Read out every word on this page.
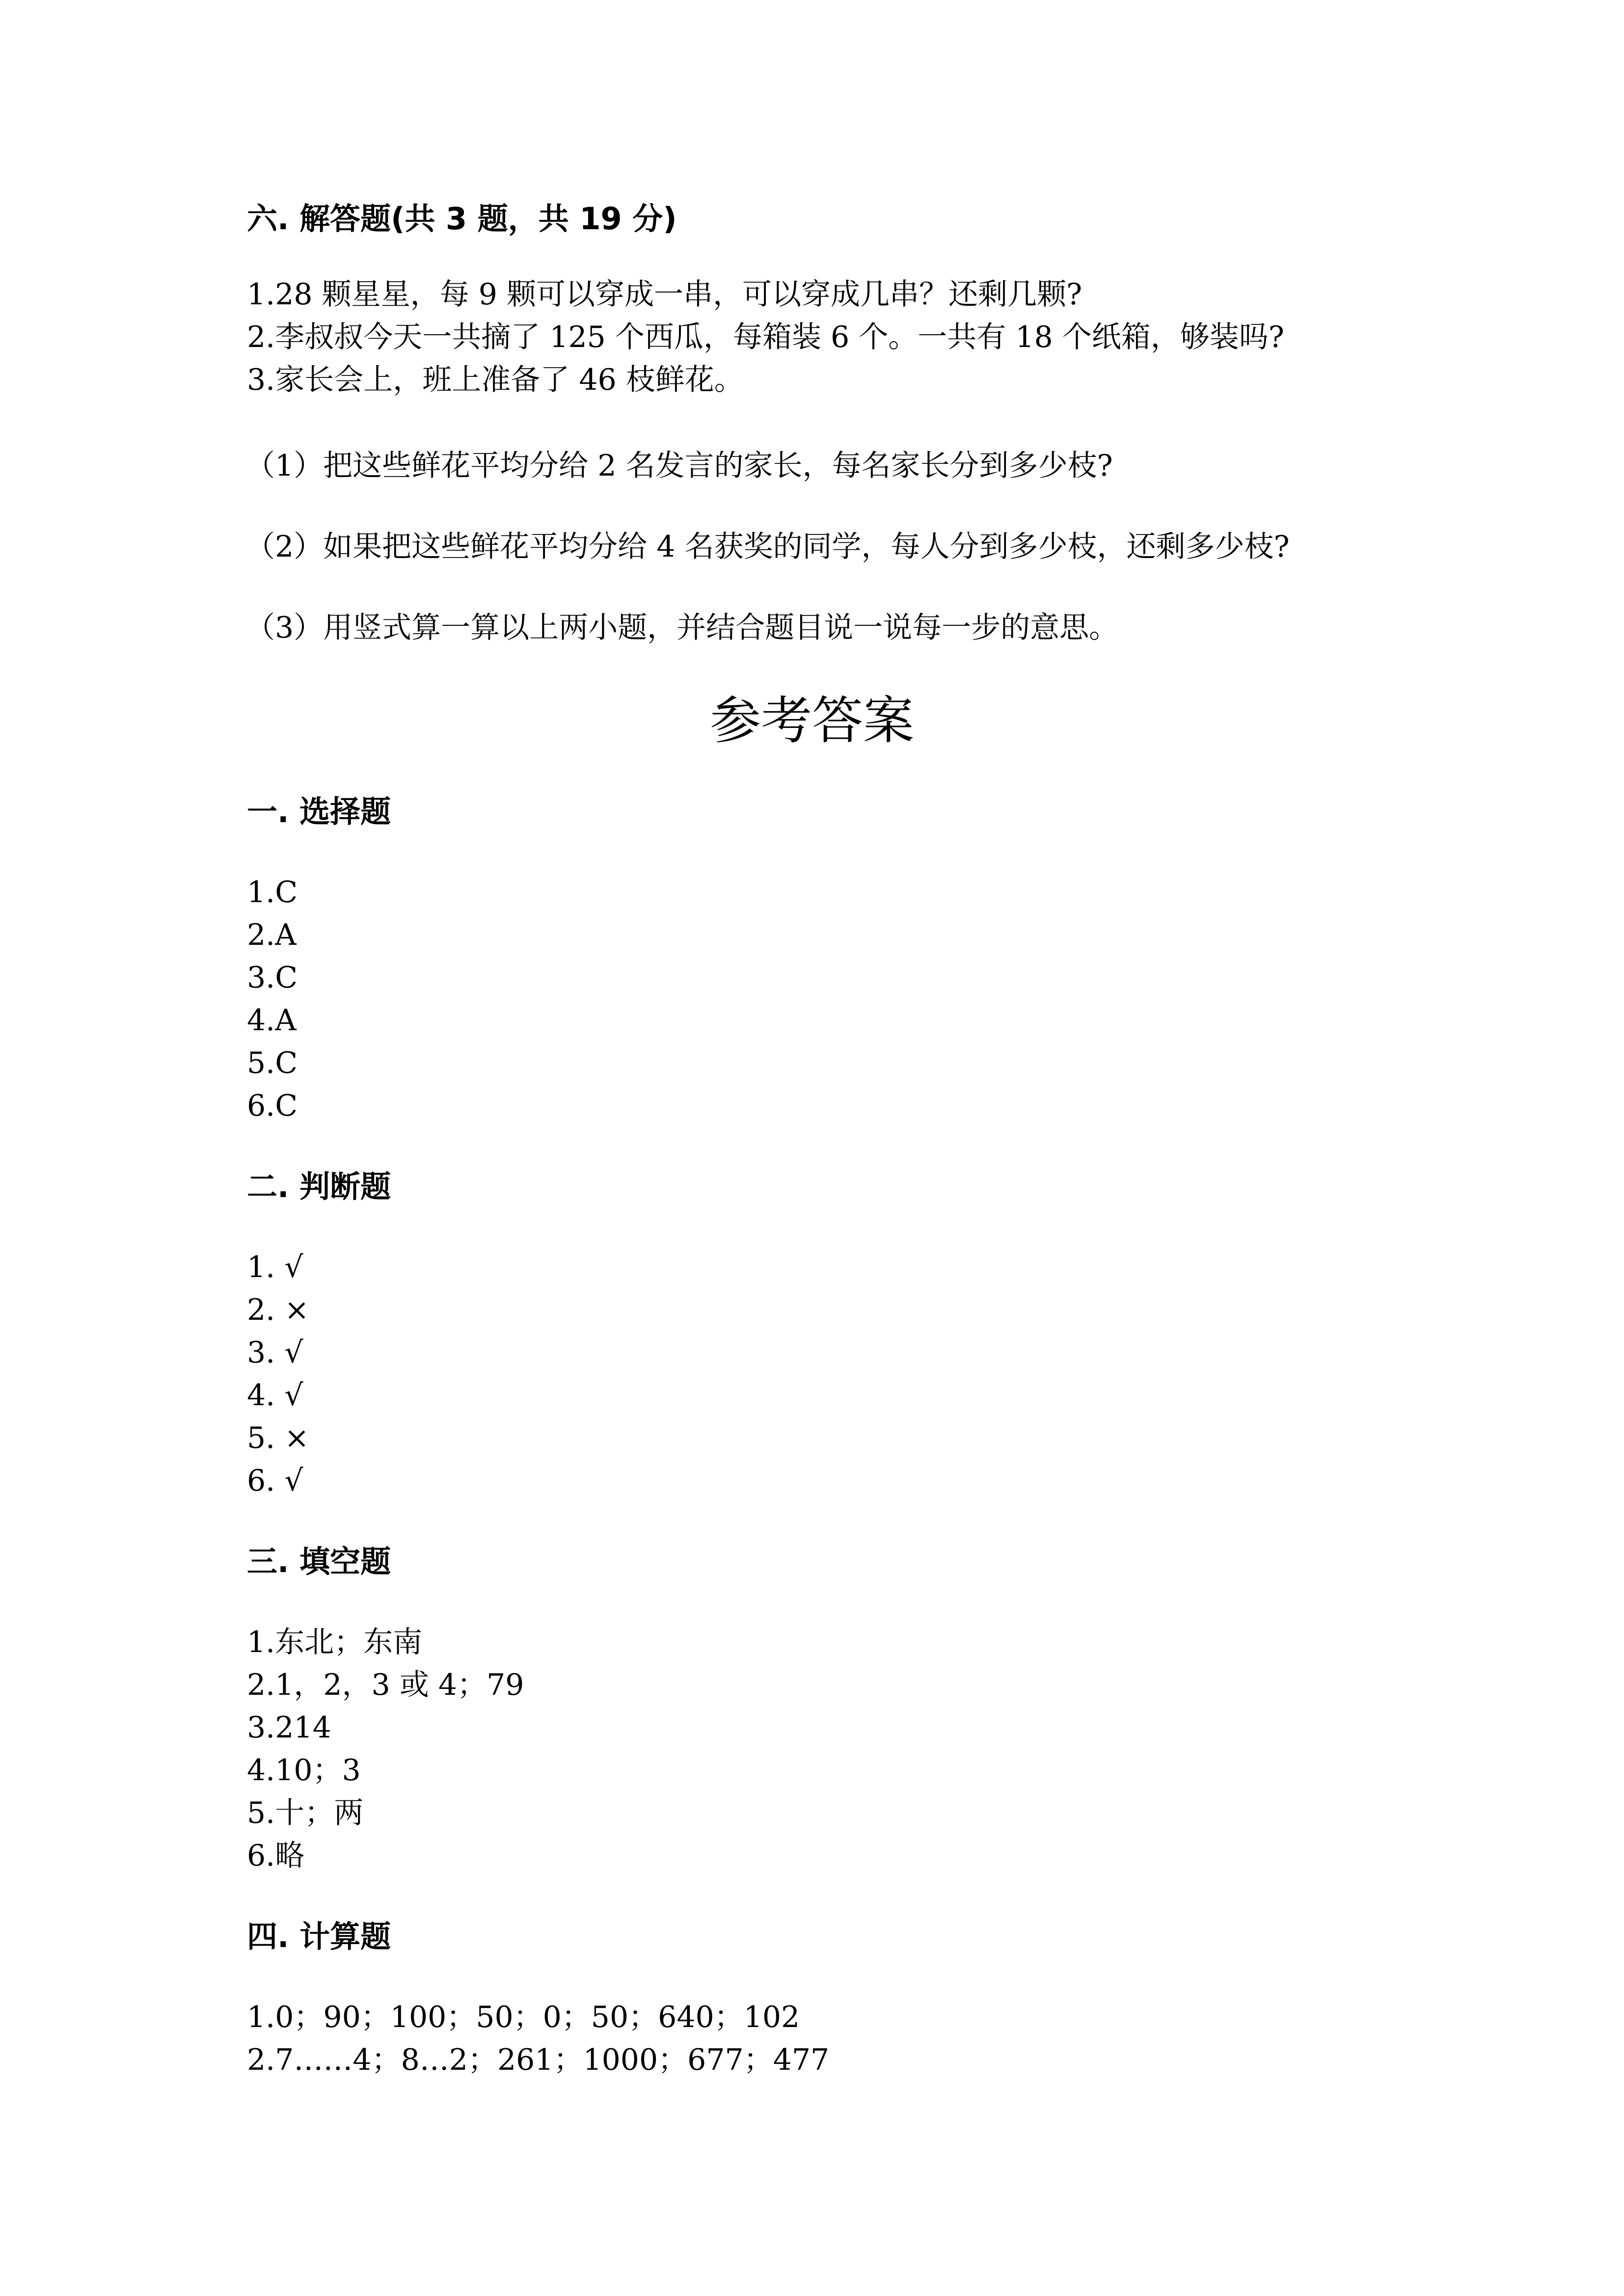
六. 解答题(共 3 题，共 19 分)
1.28 颗星星，每 9 颗可以穿成一串，可以穿成几串？还剩几颗?
2.李叔叔今天一共摘了 125 个西瓜，每箱装 6 个。一共有 18 个纸箱，够装吗?
3.家长会上，班上准备了 46 枝鲜花。
（1）把这些鲜花平均分给 2 名发言的家长，每名家长分到多少枝?
（2）如果把这些鲜花平均分给 4 名获奖的同学，每人分到多少枝，还剩多少枝?
（3）用竖式算一算以上两小题，并结合题目说一说每一步的意思。
参考答案
一. 选择题
1.C
2.A
3.C
4.A
5.C
6.C
二. 判断题
1. √
2. ×
3. √
4. √
5. ×
6. √
三. 填空题
1.东北；东南
2.1，2，3 或 4；79
3.214
4.10；3
5.十；两
6.略
四. 计算题
1.0；90；100；50；0；50；640；102
2.7……4；8…2；261；1000；677；477
